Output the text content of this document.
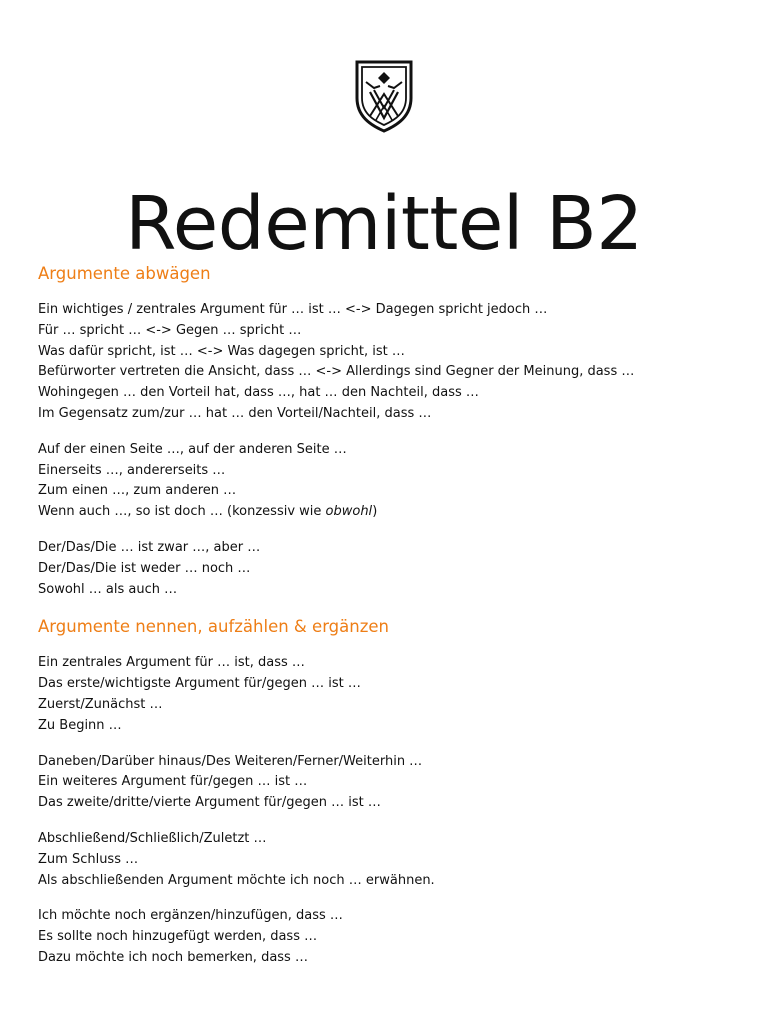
Redemittel B2
Argumente abwägen
Ein wichtiges / zentrales Argument für … ist … <-> Dagegen spricht jedoch …
Für … spricht … <-> Gegen … spricht …
Was dafür spricht, ist … <-> Was dagegen spricht, ist …
Befürworter vertreten die Ansicht, dass … <-> Allerdings sind Gegner der Meinung, dass …
Wohingegen … den Vorteil hat, dass …, hat … den Nachteil, dass …
Im Gegensatz zum/zur … hat … den Vorteil/Nachteil, dass …
Auf der einen Seite …, auf der anderen Seite …
Einerseits …, andererseits …
Zum einen …, zum anderen …
Wenn auch …, so ist doch … (konzessiv wie obwohl)
Der/Das/Die … ist zwar …, aber …
Der/Das/Die ist weder … noch …
Sowohl … als auch …
Argumente nennen, aufzählen & ergänzen
Ein zentrales Argument für … ist, dass …
Das erste/wichtigste Argument für/gegen … ist …
Zuerst/Zunächst …
Zu Beginn …
Daneben/Darüber hinaus/Des Weiteren/Ferner/Weiterhin …
Ein weiteres Argument für/gegen … ist …
Das zweite/dritte/vierte Argument für/gegen … ist …
Abschließend/Schließlich/Zuletzt …
Zum Schluss …
Als abschließenden Argument möchte ich noch … erwähnen.
Ich möchte noch ergänzen/hinzufügen, dass …
Es sollte noch hinzugefügt werden, dass …
Dazu möchte ich noch bemerken, dass …
